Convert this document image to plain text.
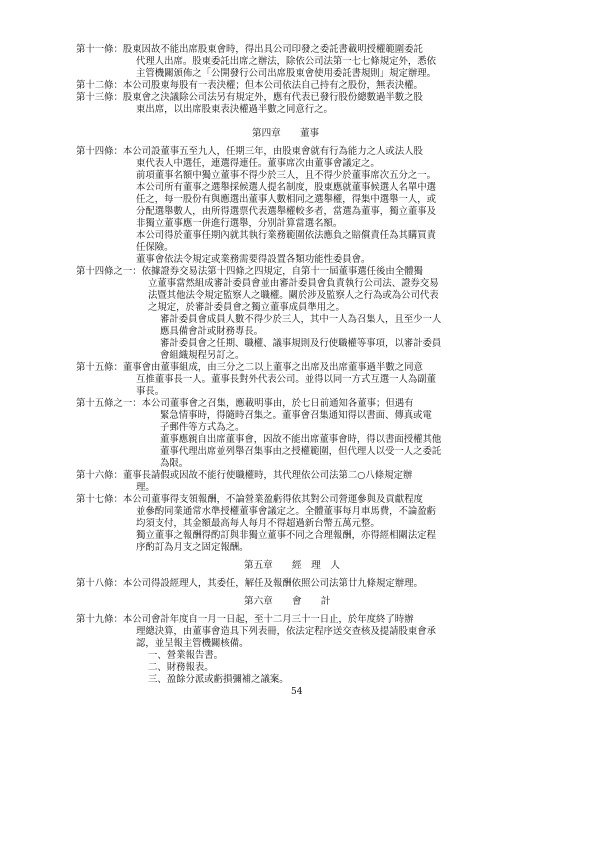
第十一條：股東因故不能出席股東會時，得出具公司印發之委託書載明授權範圍委託
代理人出席。股東委託出席之辦法，除依公司法第一七七條規定外，悉依
主管機關頒佈之「公開發行公司出席股東會使用委託書規則」規定辦理。
第十二條：本公司股東每股有一表決權；但本公司依法自己持有之股份，無表決權。
第十三條：股東會之決議除公司法另有規定外，應有代表已發行股份總數過半數之股
東出席，以出席股東表決權過半數之同意行之。
第四章　　董事
第十四條：本公司設董事五至九人，任期三年，由股東會就有行為能力之人或法人股
東代表人中選任，連選得連任。董事席次由董事會議定之。
前項董事名額中獨立董事不得少於三人，且不得少於董事席次五分之一。
本公司所有董事之選舉採候選人提名制度，股東應就董事候選人名單中選
任之，每一股份有與應選出董事人數相同之選舉權，得集中選舉一人，或
分配選舉數人，由所得選票代表選舉權較多者，當選為董事，獨立董事及
非獨立董事應一併進行選舉，分別計算當選名額。
本公司得於董事任期內就其執行業務範圍依法應負之賠償責任為其購買責
任保險。
董事會依法令規定或業務需要得設置各類功能性委員會。
第十四條之一：依據證券交易法第十四條之四規定，自第十一屆董事選任後由全體獨
立董事當然組成審計委員會並由審計委員會負責執行公司法、證券交易
法暨其他法令規定監察人之職權。關於涉及監察人之行為或為公司代表
之規定，於審計委員會之獨立董事成員準用之。
審計委員會成員人數不得少於三人，其中一人為召集人，且至少一人
應具備會計或財務專長。
審計委員會之任期、職權、議事規則及行使職權等事項，以審計委員
會組織規程另訂之。
第十五條：董事會由董事組成，由三分之二以上董事之出席及出席董事過半數之同意
互推董事長一人。董事長對外代表公司。並得以同一方式互選一人為副董
事長。
第十五條之一：本公司董事會之召集，應載明事由，於七日前通知各董事；但遇有
緊急情事時，得隨時召集之。董事會召集通知得以書面、傳真或電
子郵件等方式為之。
董事應親自出席董事會，因故不能出席董事會時，得以書面授權其他
董事代理出席並列舉召集事由之授權範圍，但代理人以受一人之委託
為限。
第十六條：董事長請假或因故不能行使職權時，其代理依公司法第二○八條規定辦
理。
第十七條：本公司董事得支領報酬，不論營業盈虧得依其對公司營運參與及貢獻程度
並參酌同業通常水準授權董事會議定之。全體董事每月車馬費，不論盈虧
均須支付，其金額最高每人每月不得超過新台幣五萬元整。
獨立董事之報酬得酌訂與非獨立董事不同之合理報酬，亦得經相關法定程
序酌訂為月支之固定報酬。
第五章　　經　理　人
第十八條：本公司得設經理人，其委任，解任及報酬依照公司法第廿九條規定辦理。
第六章　　會　　計
第十九條：本公司會計年度自一月一日起，至十二月三十一日止，於年度終了時辦
理總決算，由董事會造具下列表冊，依法定程序送交查核及提請股東會承
認，並呈報主管機關核備。
一、營業報告書。
二、財務報表。
三、盈餘分派或虧損彌補之議案。
54
